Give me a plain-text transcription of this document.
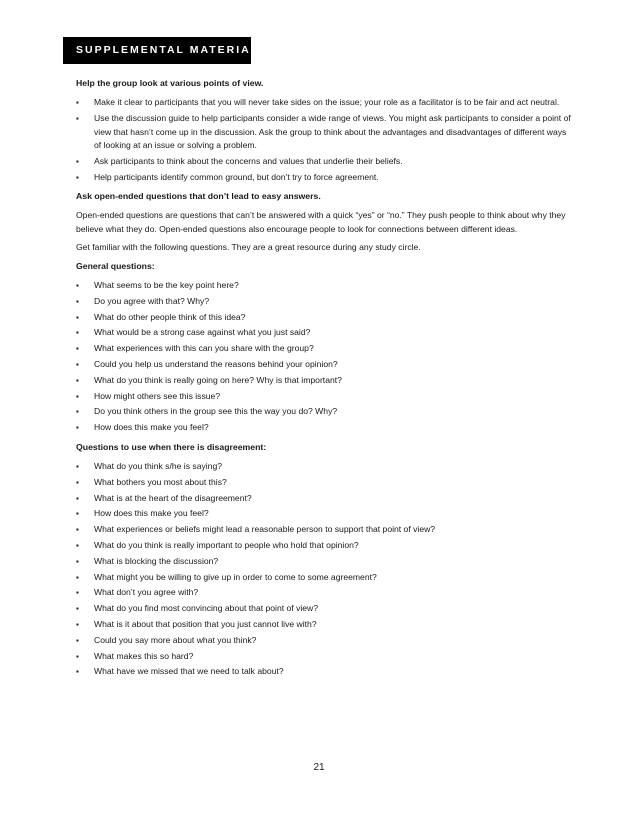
SUPPLEMENTAL MATERIALS
Help the group look at various points of view.
▪ Make it clear to participants that you will never take sides on the issue; your role as a facilitator is to be fair and act neutral.
▪ Use the discussion guide to help participants consider a wide range of views. You might ask participants to consider a point of view that hasn’t come up in the discussion. Ask the group to think about the advantages and disadvantages of different ways of looking at an issue or solving a problem.
▪ Ask participants to think about the concerns and values that underlie their beliefs.
▪ Help participants identify common ground, but don’t try to force agreement.
Ask open-ended questions that don’t lead to easy answers.

Open-ended questions are questions that can’t be answered with a quick “yes” or “no.” They push people to think about why they believe what they do. Open-ended questions also encourage people to look for connections between different ideas.

Get familiar with the following questions. They are a great resource during any study circle.

General questions:
▪ What seems to be the key point here?
▪ Do you agree with that? Why?
▪ What do other people think of this idea?
▪ What would be a strong case against what you just said?
▪ What experiences with this can you share with the group?
▪ Could you help us understand the reasons behind your opinion?
▪ What do you think is really going on here? Why is that important?
▪ How might others see this issue?
▪ Do you think others in the group see this the way you do? Why?
▪ How does this make you feel?
Questions to use when there is disagreement:
▪ What do you think s/he is saying?
▪ What bothers you most about this?
▪ What is at the heart of the disagreement?
▪ How does this make you feel?
▪ What experiences or beliefs might lead a reasonable person to support that point of view?
▪ What do you think is really important to people who hold that opinion?
▪ What is blocking the discussion?
▪ What might you be willing to give up in order to come to some agreement?
▪ What don’t you agree with?
▪ What do you find most convincing about that point of view?
▪ What is it about that position that you just cannot live with?
▪ Could you say more about what you think?
▪ What makes this so hard?
▪ What have we missed that we need to talk about?
21
